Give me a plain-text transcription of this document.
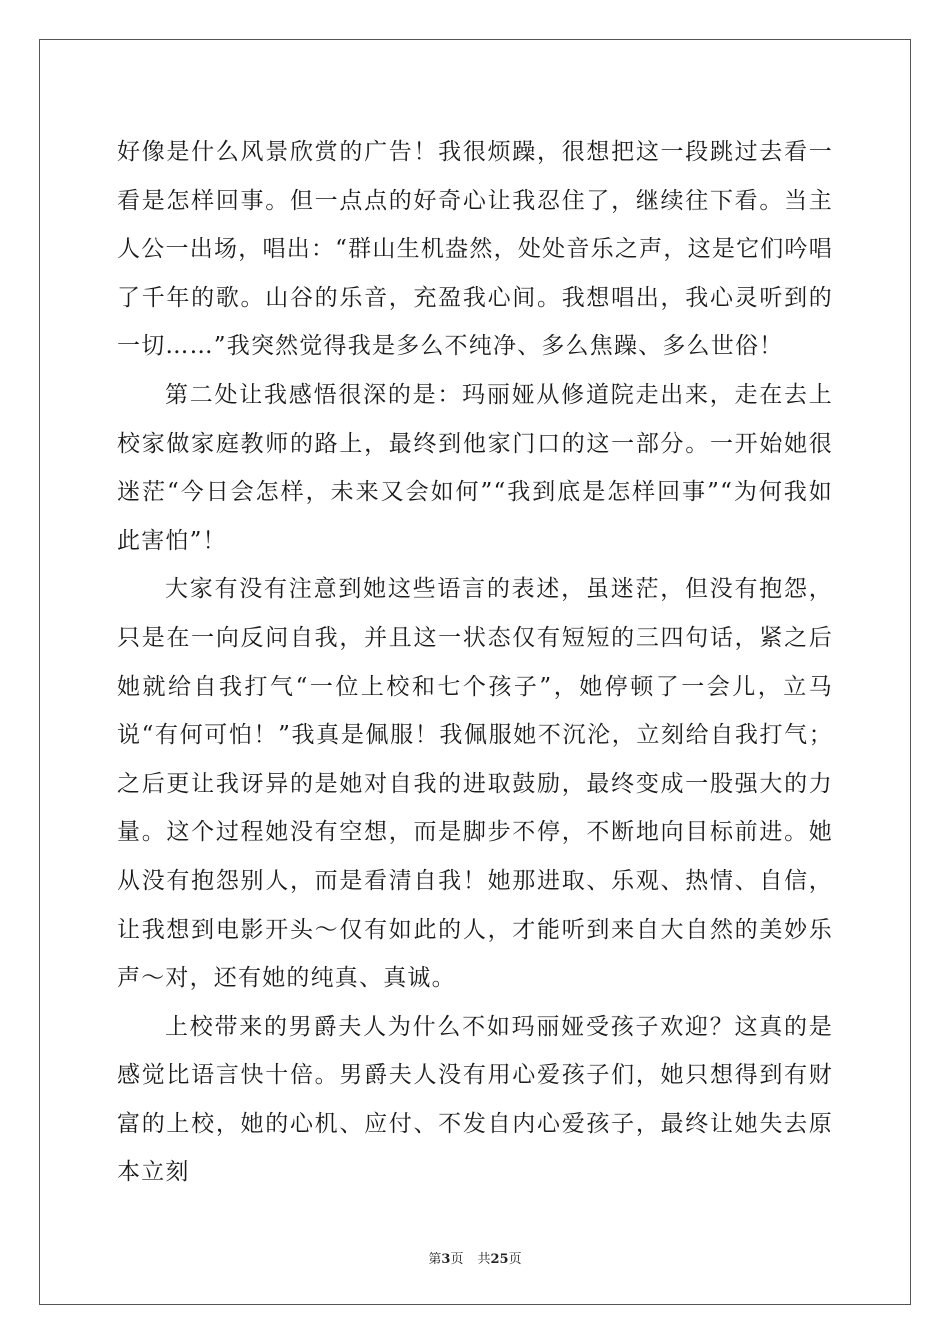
好像是什么风景欣赏的广告！我很烦躁，很想把这一段跳过去看一看是怎样回事。但一点点的好奇心让我忍住了，继续往下看。当主人公一出场，唱出：“群山生机盎然，处处音乐之声，这是它们吟唱了千年的歌。山谷的乐音，充盈我心间。我想唱出，我心灵听到的一切……”我突然觉得我是多么不纯净、多么焦躁、多么世俗！

第二处让我感悟很深的是：玛丽娅从修道院走出来，走在去上校家做家庭教师的路上，最终到他家门口的这一部分。一开始她很迷茫“今日会怎样，未来又会如何”“我到底是怎样回事”“为何我如此害怕”！

大家有没有注意到她这些语言的表述，虽迷茫，但没有抱怨，只是在一向反问自我，并且这一状态仅有短短的三四句话，紧之后她就给自我打气“一位上校和七个孩子”，她停顿了一会儿，立马说“有何可怕！”我真是佩服！我佩服她不沉沦，立刻给自我打气；之后更让我讶异的是她对自我的进取鼓励，最终变成一股强大的力量。这个过程她没有空想，而是脚步不停，不断地向目标前进。她从没有抱怨别人，而是看清自我！她那进取、乐观、热情、自信，让我想到电影开头～仅有如此的人，才能听到来自大自然的美妙乐声～对，还有她的纯真、真诚。

上校带来的男爵夫人为什么不如玛丽娅受孩子欢迎？这真的是感觉比语言快十倍。男爵夫人没有用心爱孩子们，她只想得到有财富的上校，她的心机、应付、不发自内心爱孩子，最终让她失去原本立刻

第3页 共25页
